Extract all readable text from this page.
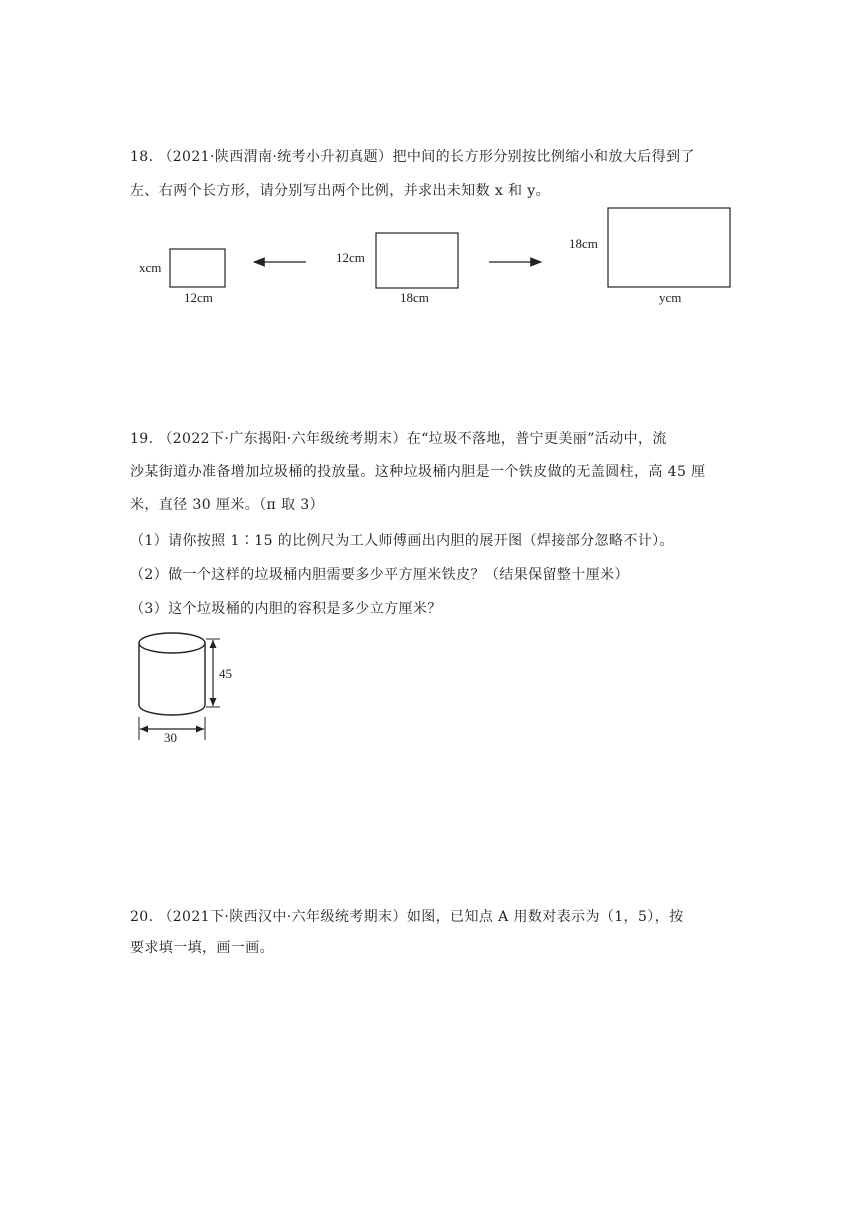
18. （2021·陕西渭南·统考小升初真题）把中间的长方形分别按比例缩小和放大后得到了
左、右两个长方形，请分别写出两个比例，并求出未知数 x 和 y。
xcm
12cm
12cm
18cm
18cm
ycm
19. （2022下·广东揭阳·六年级统考期末）在“垃圾不落地，普宁更美丽”活动中，流
沙某街道办准备增加垃圾桶的投放量。这种垃圾桶内胆是一个铁皮做的无盖圆柱，高 45 厘
米，直径 30 厘米。（π 取 3）
（1）请你按照 1∶15 的比例尺为工人师傅画出内胆的展开图（焊接部分忽略不计）。
（2）做一个这样的垃圾桶内胆需要多少平方厘米铁皮？（结果保留整十厘米）
（3）这个垃圾桶的内胆的容积是多少立方厘米？
45
30
20. （2021下·陕西汉中·六年级统考期末）如图，已知点 A 用数对表示为（1，5），按
要求填一填，画一画。
